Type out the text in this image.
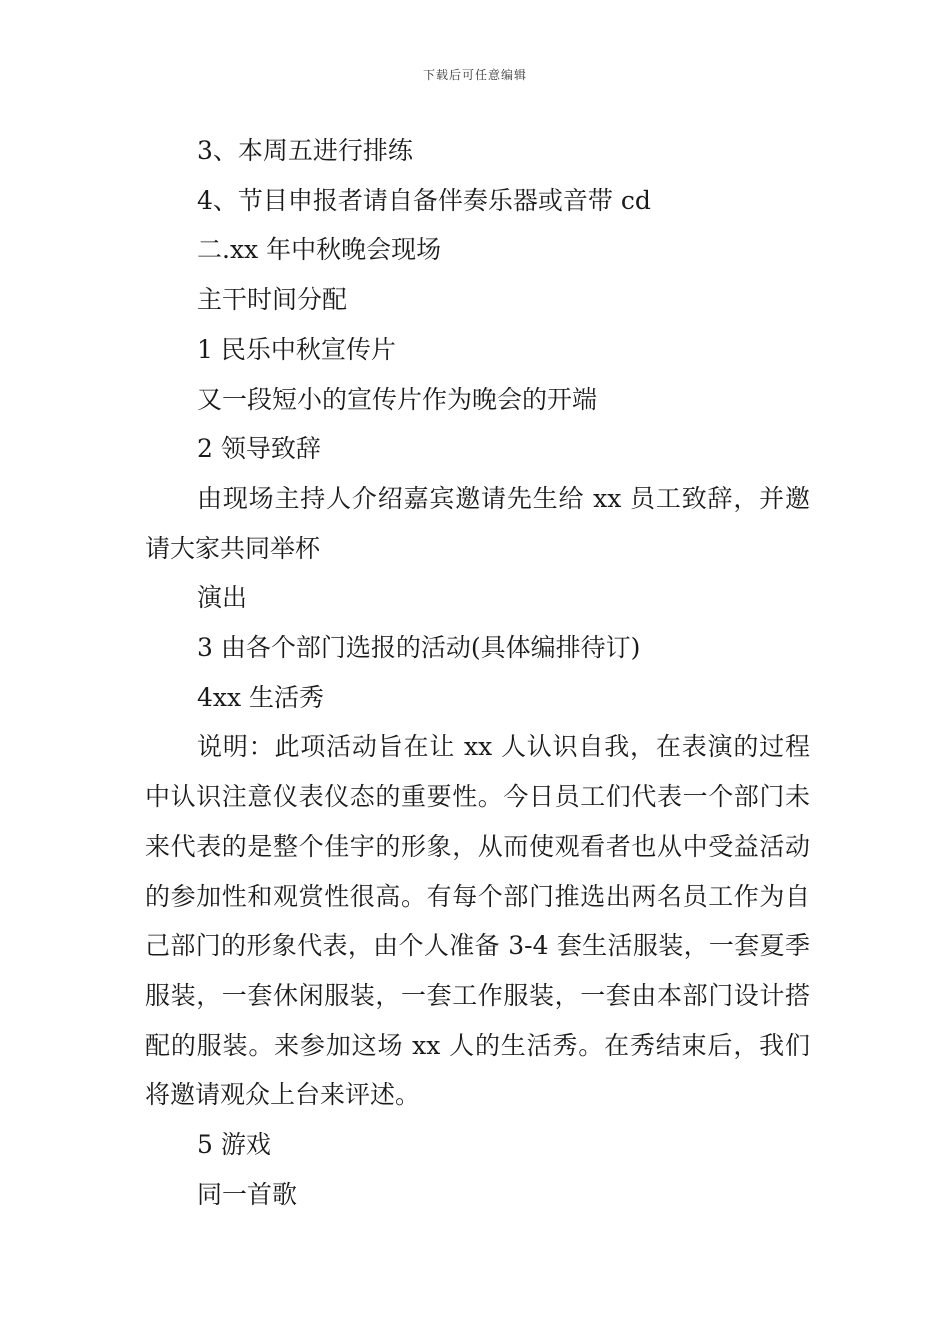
下载后可任意编辑

3、本周五进行排练

4、节目申报者请自备伴奏乐器或音带 cd

二.xx 年中秋晚会现场

主干时间分配

1 民乐中秋宣传片

又一段短小的宣传片作为晚会的开端

2 领导致辞

由现场主持人介绍嘉宾邀请先生给 xx 员工致辞，并邀请大家共同举杯

演出

3 由各个部门选报的活动(具体编排待订)

4xx 生活秀

说明：此项活动旨在让 xx 人认识自我，在表演的过程中认识注意仪表仪态的重要性。今日员工们代表一个部门未来代表的是整个佳宇的形象，从而使观看者也从中受益活动的参加性和观赏性很高。有每个部门推选出两名员工作为自己部门的形象代表，由个人准备 3-4 套生活服装，一套夏季服装，一套休闲服装，一套工作服装，一套由本部门设计搭配的服装。来参加这场 xx 人的生活秀。在秀结束后，我们将邀请观众上台来评述。

5 游戏

同一首歌
